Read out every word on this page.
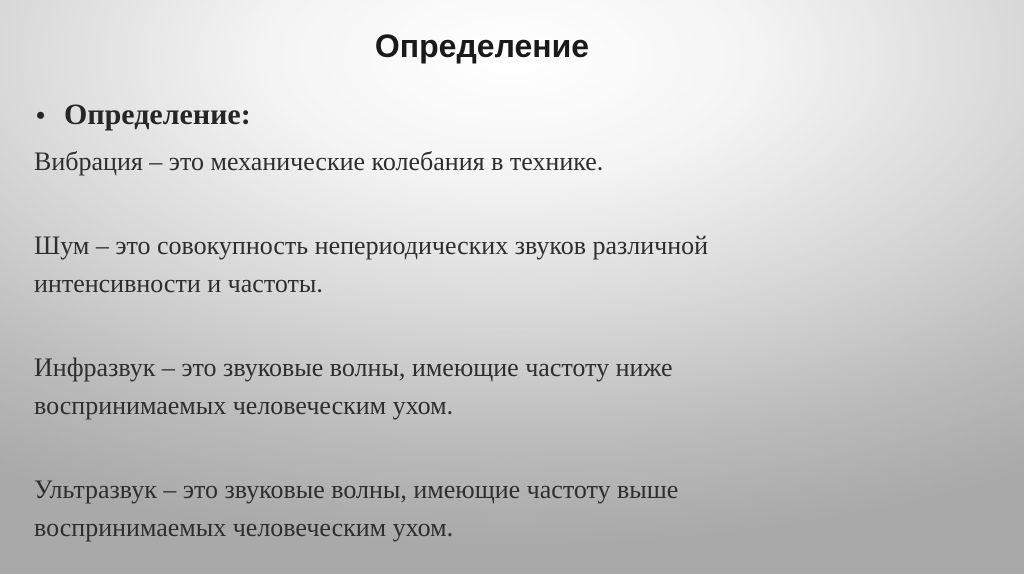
Определение
• Определение:

Вибрация – это механические колебания в технике.

Шум – это совокупность непериодических звуков различной
интенсивности и частоты.

Инфразвук – это звуковые волны, имеющие частоту ниже
воспринимаемых человеческим ухом.

Ультразвук – это звуковые волны, имеющие частоту выше
воспринимаемых человеческим ухом.
